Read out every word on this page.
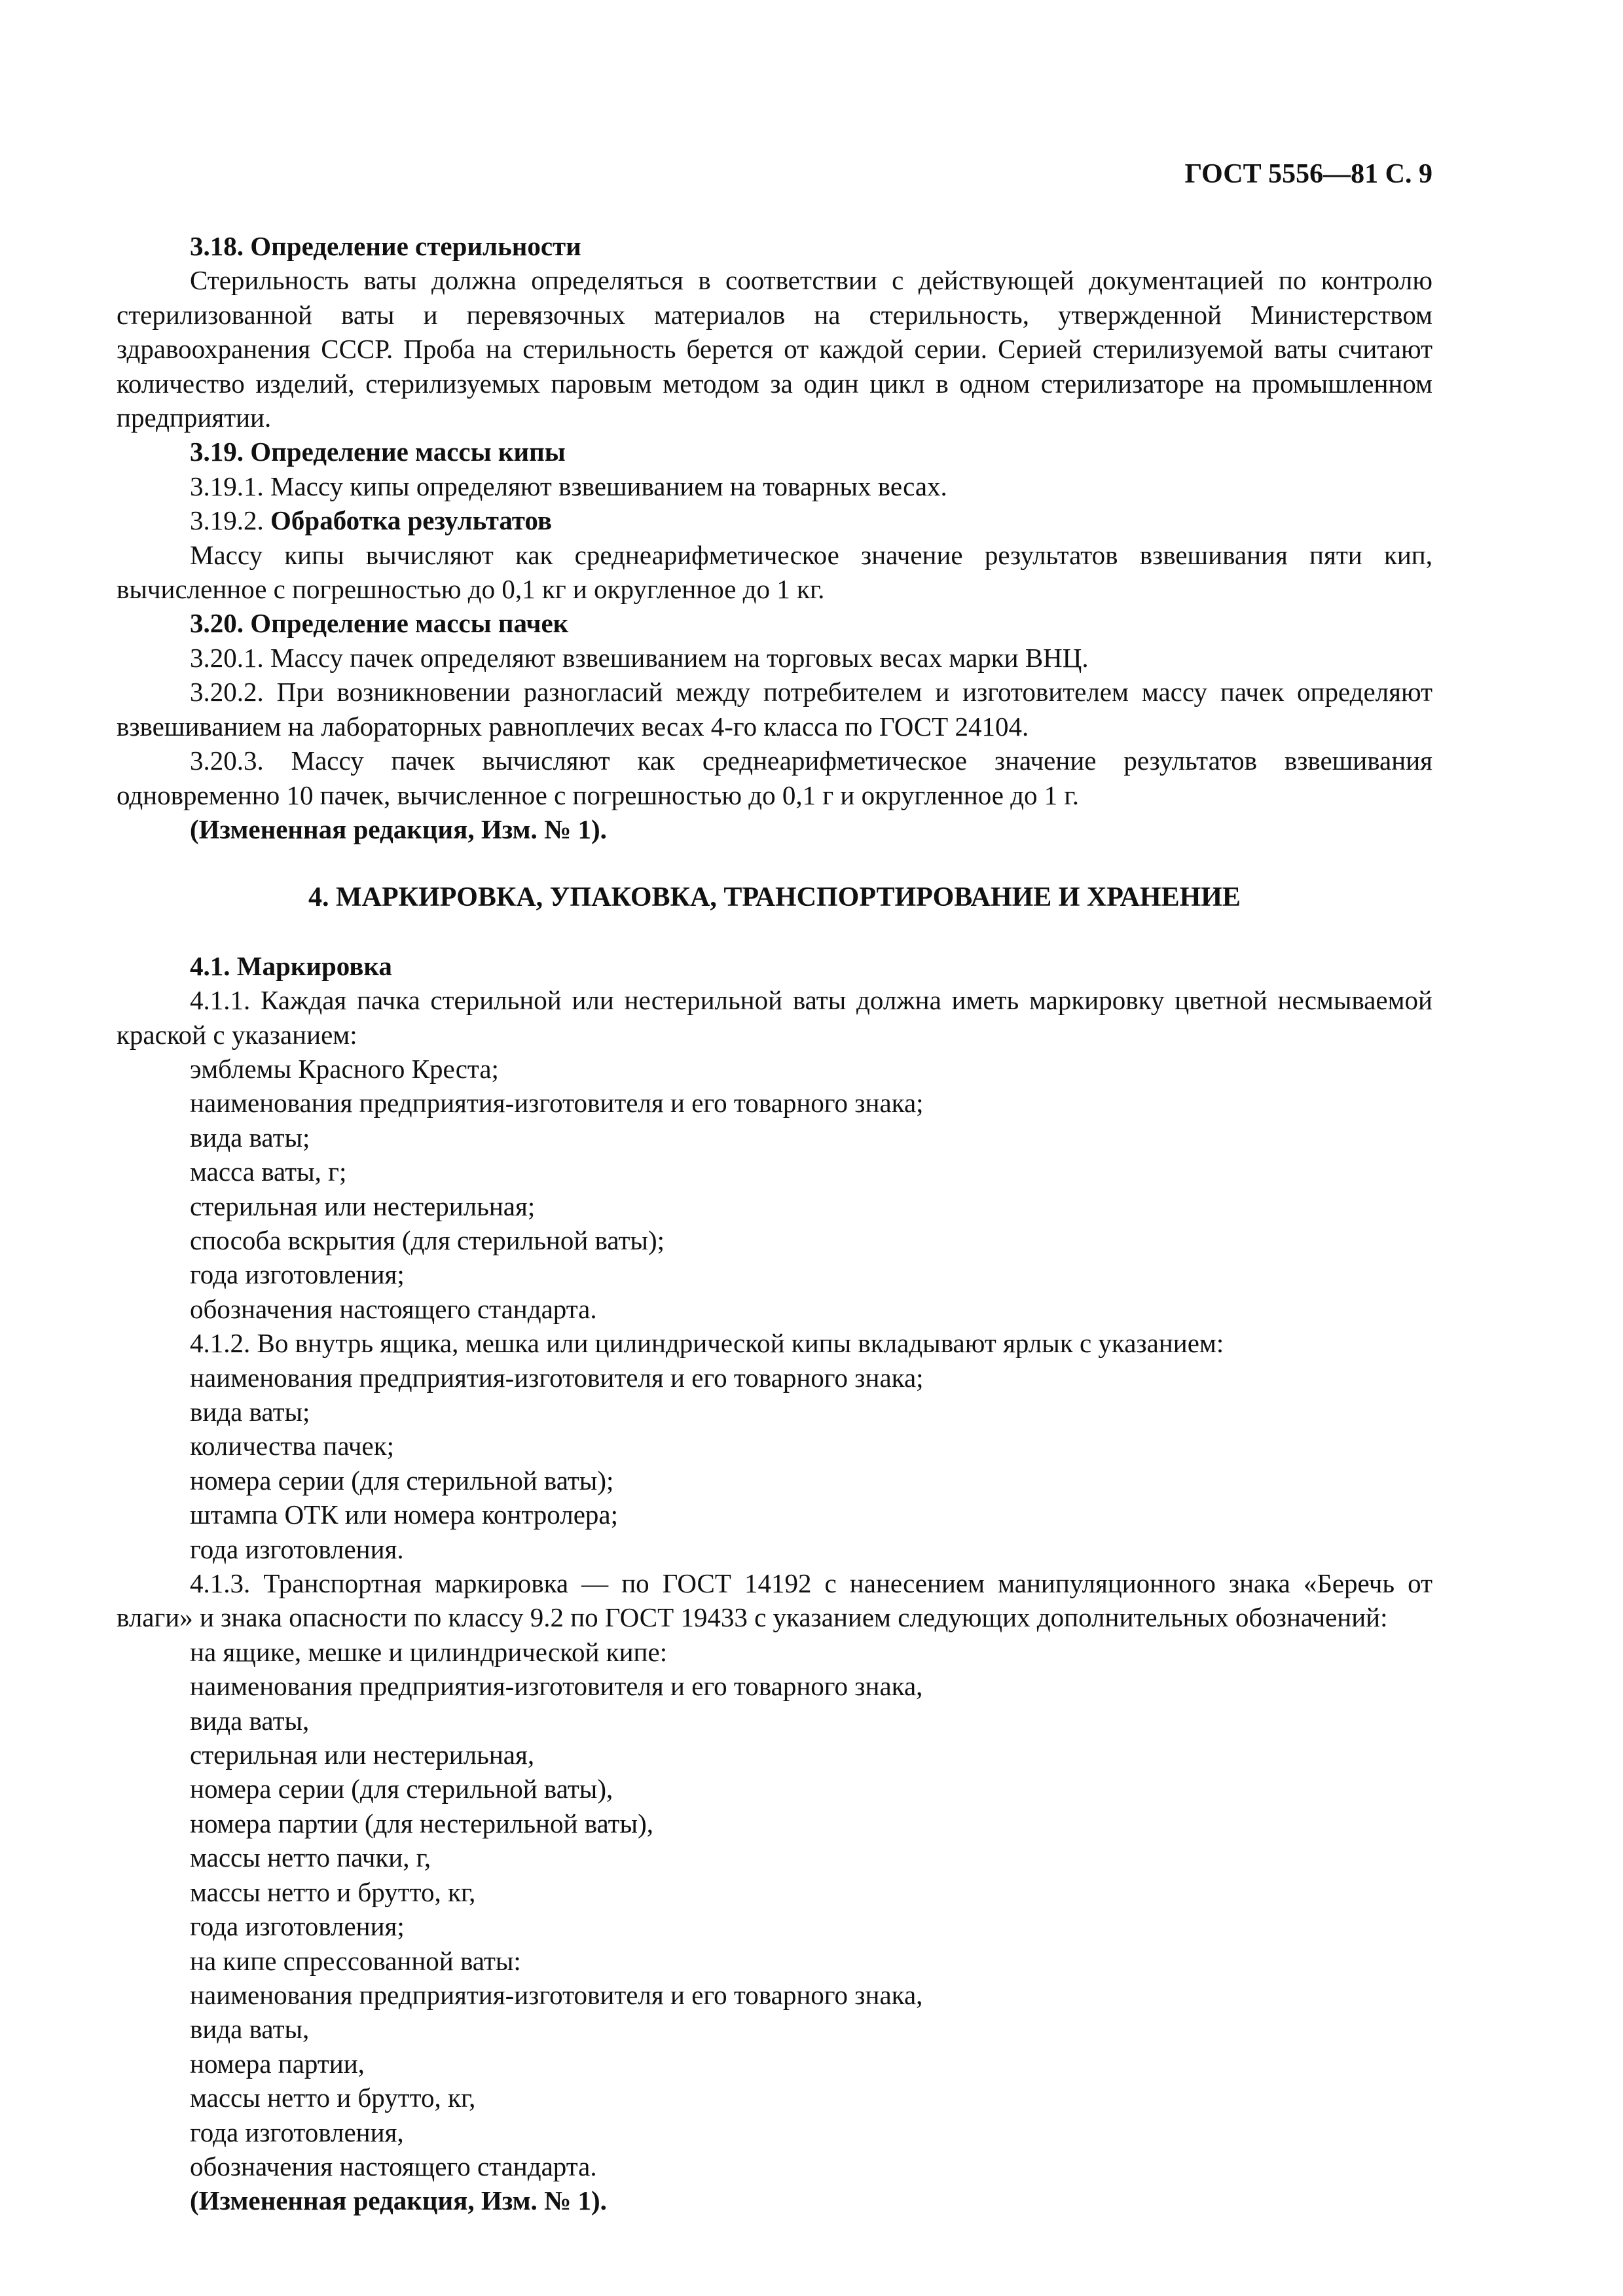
ГОСТ 5556—81 С. 9

3.18. Определение стерильности

Стерильность ваты должна определяться в соответствии с действующей документацией по контролю стерилизованной ваты и перевязочных материалов на стерильность, утвержденной Министерством здравоохранения СССР. Проба на стерильность берется от каждой серии. Серией стерилизуемой ваты считают количество изделий, стерилизуемых паровым методом за один цикл в одном стерилизаторе на промышленном предприятии.

3.19. Определение массы кипы

3.19.1. Массу кипы определяют взвешиванием на товарных весах.

3.19.2. Обработка результатов

Массу кипы вычисляют как среднеарифметическое значение результатов взвешивания пяти кип, вычисленное с погрешностью до 0,1 кг и округленное до 1 кг.

3.20. Определение массы пачек

3.20.1. Массу пачек определяют взвешиванием на торговых весах марки ВНЦ.

3.20.2. При возникновении разногласий между потребителем и изготовителем массу пачек определяют взвешиванием на лабораторных равноплечих весах 4-го класса по ГОСТ 24104.

3.20.3. Массу пачек вычисляют как среднеарифметическое значение результатов взвешивания одновременно 10 пачек, вычисленное с погрешностью до 0,1 г и округленное до 1 г.

(Измененная редакция, Изм. № 1).

4. МАРКИРОВКА, УПАКОВКА, ТРАНСПОРТИРОВАНИЕ И ХРАНЕНИЕ

4.1. Маркировка

4.1.1. Каждая пачка стерильной или нестерильной ваты должна иметь маркировку цветной несмываемой краской с указанием:

эмблемы Красного Креста;

наименования предприятия-изготовителя и его товарного знака;

вида ваты;

масса ваты, г;

стерильная или нестерильная;

способа вскрытия (для стерильной ваты);

года изготовления;

обозначения настоящего стандарта.

4.1.2. Во внутрь ящика, мешка или цилиндрической кипы вкладывают ярлык с указанием:

наименования предприятия-изготовителя и его товарного знака;

вида ваты;

количества пачек;

номера серии (для стерильной ваты);

штампа ОТК или номера контролера;

года изготовления.

4.1.3. Транспортная маркировка — по ГОСТ 14192 с нанесением манипуляционного знака «Беречь от влаги» и знака опасности по классу 9.2 по ГОСТ 19433 с указанием следующих дополнительных обозначений:

на ящике, мешке и цилиндрической кипе:

наименования предприятия-изготовителя и его товарного знака,

вида ваты,

стерильная или нестерильная,

номера серии (для стерильной ваты),

номера партии (для нестерильной ваты),

массы нетто пачки, г,

массы нетто и брутто, кг,

года изготовления;

на кипе спрессованной ваты:

наименования предприятия-изготовителя и его товарного знака,

вида ваты,

номера партии,

массы нетто и брутто, кг,

года изготовления,

обозначения настоящего стандарта.

(Измененная редакция, Изм. № 1).
